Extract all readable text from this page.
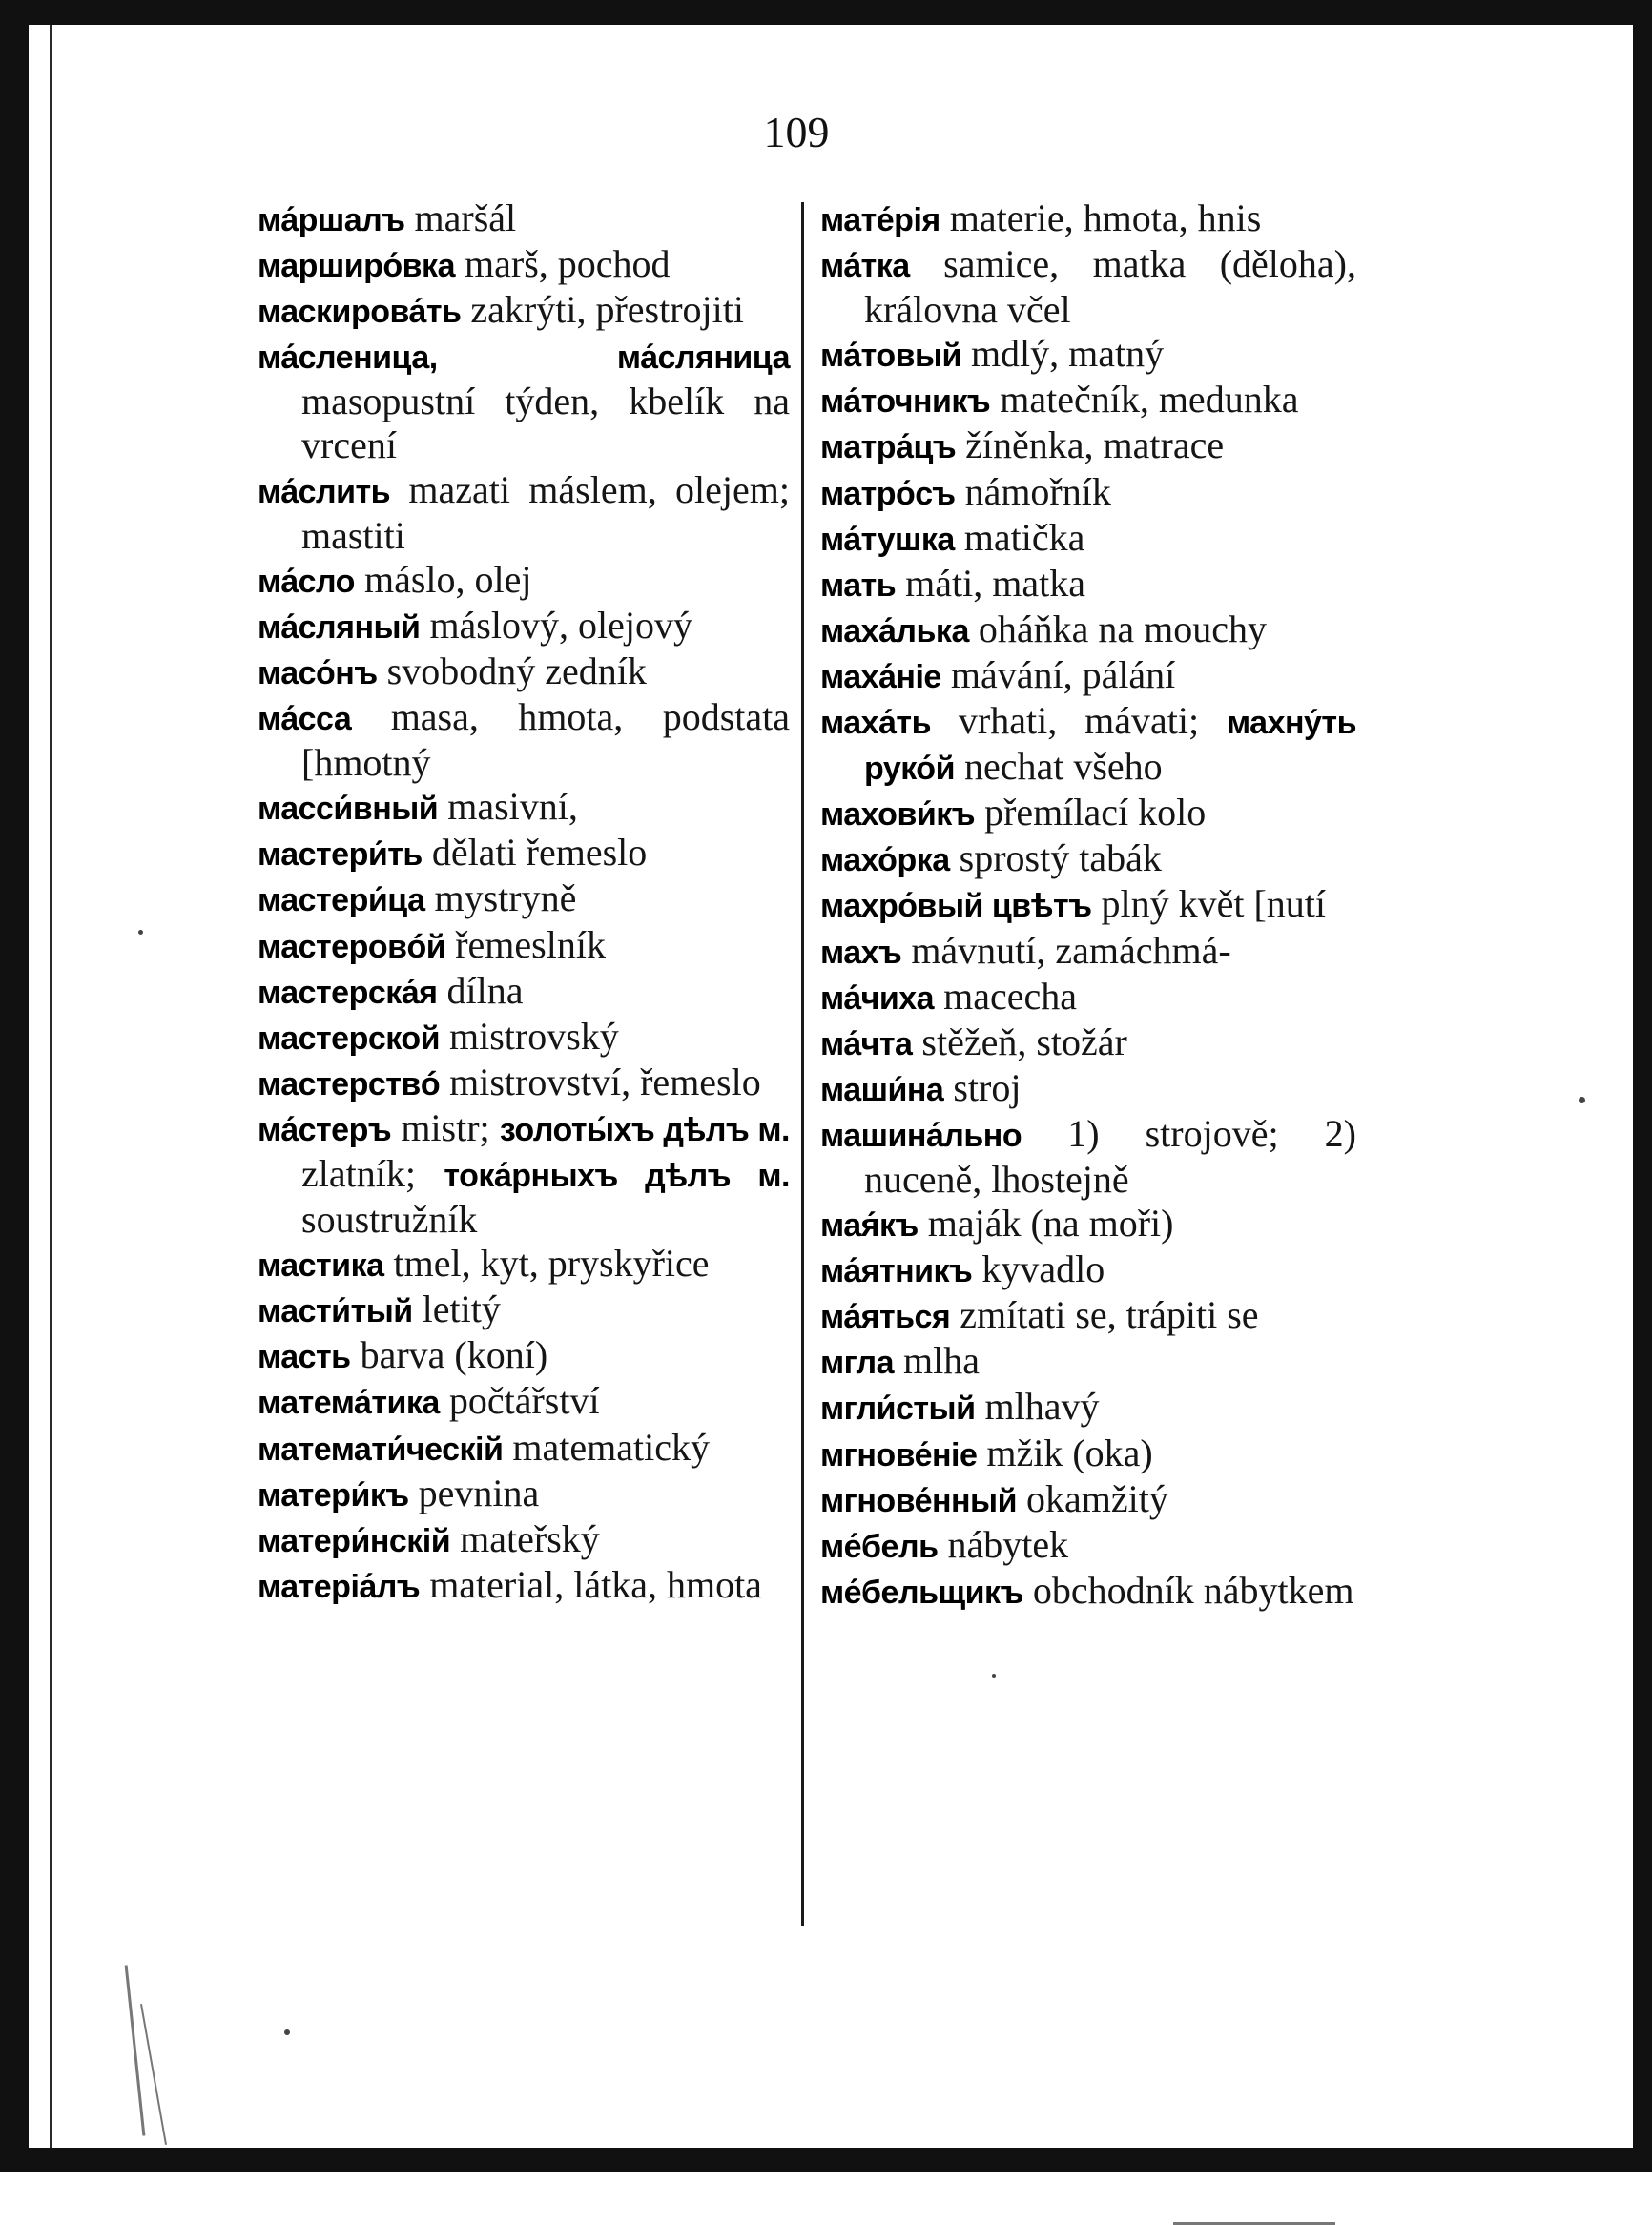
109

ма́ршалъ maršál

марширо́вка marš, pochod

маскирова́ть zakrýti, přestrojiti

ма́сленица, ма́сляница masopustní týden, kbelík na vrcení

ма́слить mazati máslem, olejem; mastiti

ма́сло máslo, olej

ма́сляный máslový, olejový

масо́нъ svobodný zedník

ма́сса masa, hmota, podstata [hmotný

масси́вный masivní,

мастери́ть dělati řemeslo

мастери́ца mystryně

мастеровóй řemeslník

мастерска́я dílna

мастерской mistrovský

мастерствó mistrovství, řemeslo

ма́стеръ mistr; золоты́хъ дѣлъ м. zlatník; тока́рныхъ дѣлъ м. soustružník

мастика tmel, kyt, pryskyřice

масти́тый letitý

масть barva (koní)

матема́тика počtářství

математи́ческій matematický

матери́къ pevnina

матери́нскій mateřský

матеріа́лъ material, látka, hmota

мате́рія materie, hmota, hnis

ма́тка samice, matka (děloha), královna včel

ма́товый mdlý, matný

ма́точникъ matečník, medunka

матра́цъ žíněnka, matrace

матро́съ námořník

ма́тушка matička

мать máti, matka

маха́лька oháňka na mouchy

маха́ніе mávání, pálání

маха́ть vrhati, mávati; махну́ть руко́й nechat všeho

махови́къ přemílací kolo

махо́рка sprostý tabák

махро́вый цвѣтъ plný květ [nutí

махъ mávnutí, zamáchmá-

ма́чиха macecha

ма́чта stěžeň, stožár

маши́на stroj

машина́льно 1) strojově; 2) nuceně, lhostejně

мая́къ maják (na moři)

ма́ятникъ kyvadlo

ма́яться zmítati se, trápiti se

мгла mlha

мгли́стый mlhavý

мгнове́ніе mžik (oka)

мгнове́нный okamžitý

ме́бель nábytek

ме́бельщикъ obchodník nábytkem
